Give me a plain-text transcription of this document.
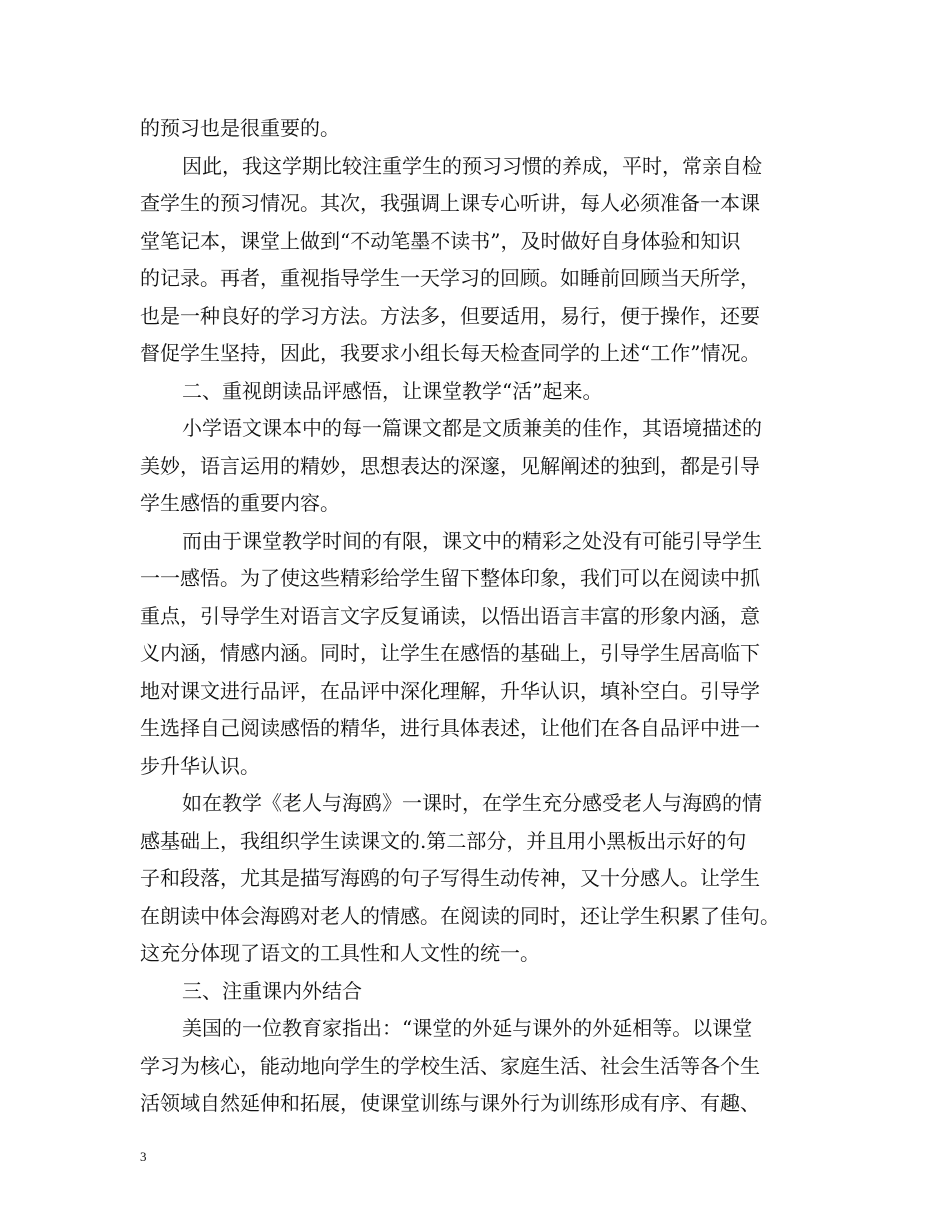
的预习也是很重要的。
因此，我这学期比较注重学生的预习习惯的养成，平时，常亲自检
查学生的预习情况。其次，我强调上课专心听讲，每人必须准备一本课
堂笔记本，课堂上做到“不动笔墨不读书”，及时做好自身体验和知识
的记录。再者，重视指导学生一天学习的回顾。如睡前回顾当天所学，
也是一种良好的学习方法。方法多，但要适用，易行，便于操作，还要
督促学生坚持，因此，我要求小组长每天检查同学的上述“工作”情况。
二、重视朗读品评感悟，让课堂教学“活”起来。
小学语文课本中的每一篇课文都是文质兼美的佳作，其语境描述的
美妙，语言运用的精妙，思想表达的深邃，见解阐述的独到，都是引导
学生感悟的重要内容。
而由于课堂教学时间的有限，课文中的精彩之处没有可能引导学生
一一感悟。为了使这些精彩给学生留下整体印象，我们可以在阅读中抓
重点，引导学生对语言文字反复诵读，以悟出语言丰富的形象内涵，意
义内涵，情感内涵。同时，让学生在感悟的基础上，引导学生居高临下
地对课文进行品评，在品评中深化理解，升华认识，填补空白。引导学
生选择自己阅读感悟的精华，进行具体表述，让他们在各自品评中进一
步升华认识。
如在教学《老人与海鸥》一课时，在学生充分感受老人与海鸥的情
感基础上，我组织学生读课文的.第二部分，并且用小黑板出示好的句
子和段落，尤其是描写海鸥的句子写得生动传神，又十分感人。让学生
在朗读中体会海鸥对老人的情感。在阅读的同时，还让学生积累了佳句。
这充分体现了语文的工具性和人文性的统一。
三、注重课内外结合
美国的一位教育家指出：“课堂的外延与课外的外延相等。以课堂
学习为核心，能动地向学生的学校生活、家庭生活、社会生活等各个生
活领域自然延伸和拓展，使课堂训练与课外行为训练形成有序、有趣、
3
